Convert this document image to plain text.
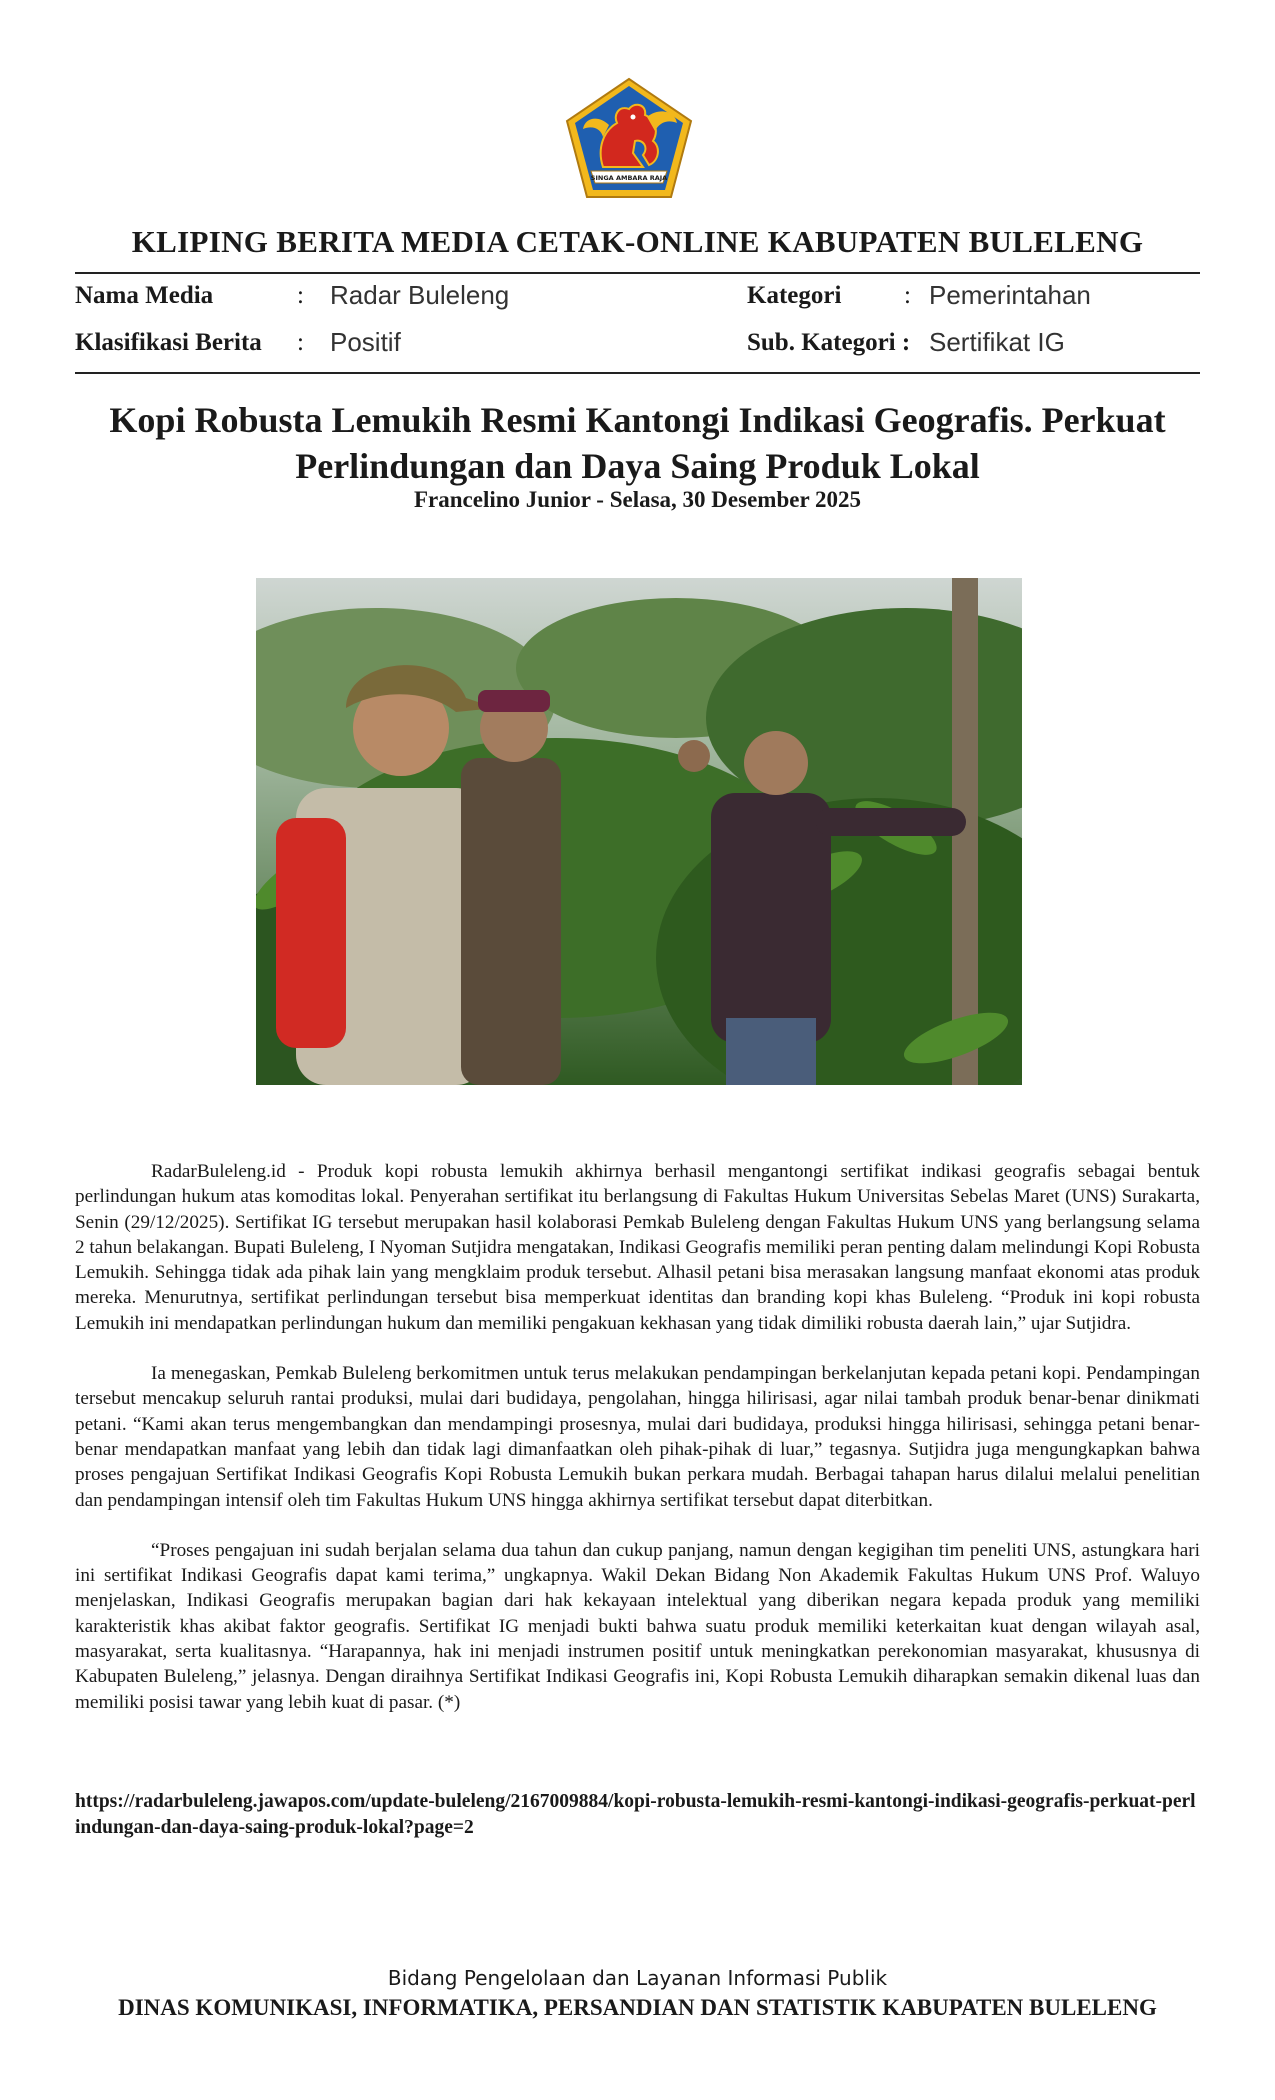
SINGA AMBARA RAJA
KLIPING BERITA MEDIA CETAK-ONLINE KABUPATEN BULELENG
Nama Media	: Radar Buleleng	Kategori	: Pemerintahan
Klasifikasi Berita : Positif	Sub. Kategori : Sertifikat IG
Kopi Robusta Lemukih Resmi Kantongi Indikasi Geografis. Perkuat Perlindungan dan Daya Saing Produk Lokal
Francelino Junior - Selasa, 30 Desember 2025

RadarBuleleng.id - Produk kopi robusta lemukih akhirnya berhasil mengantongi sertifikat indikasi geografis sebagai bentuk perlindungan hukum atas komoditas lokal. Penyerahan sertifikat itu berlangsung di Fakultas Hukum Universitas Sebelas Maret (UNS) Surakarta, Senin (29/12/2025). Sertifikat IG tersebut merupakan hasil kolaborasi Pemkab Buleleng dengan Fakultas Hukum UNS yang berlangsung selama 2 tahun belakangan. Bupati Buleleng, I Nyoman Sutjidra mengatakan, Indikasi Geografis memiliki peran penting dalam melindungi Kopi Robusta Lemukih. Sehingga tidak ada pihak lain yang mengklaim produk tersebut. Alhasil petani bisa merasakan langsung manfaat ekonomi atas produk mereka. Menurutnya, sertifikat perlindungan tersebut bisa memperkuat identitas dan branding kopi khas Buleleng. “Produk ini kopi robusta Lemukih ini mendapatkan perlindungan hukum dan memiliki pengakuan kekhasan yang tidak dimiliki robusta daerah lain,” ujar Sutjidra.

Ia menegaskan, Pemkab Buleleng berkomitmen untuk terus melakukan pendampingan berkelanjutan kepada petani kopi. Pendampingan tersebut mencakup seluruh rantai produksi, mulai dari budidaya, pengolahan, hingga hilirisasi, agar nilai tambah produk benar-benar dinikmati petani. “Kami akan terus mengembangkan dan mendampingi prosesnya, mulai dari budidaya, produksi hingga hilirisasi, sehingga petani benar-benar mendapatkan manfaat yang lebih dan tidak lagi dimanfaatkan oleh pihak-pihak di luar,” tegasnya. Sutjidra juga mengungkapkan bahwa proses pengajuan Sertifikat Indikasi Geografis Kopi Robusta Lemukih bukan perkara mudah. Berbagai tahapan harus dilalui melalui penelitian dan pendampingan intensif oleh tim Fakultas Hukum UNS hingga akhirnya sertifikat tersebut dapat diterbitkan.

“Proses pengajuan ini sudah berjalan selama dua tahun dan cukup panjang, namun dengan kegigihan tim peneliti UNS, astungkara hari ini sertifikat Indikasi Geografis dapat kami terima,” ungkapnya. Wakil Dekan Bidang Non Akademik Fakultas Hukum UNS Prof. Waluyo menjelaskan, Indikasi Geografis merupakan bagian dari hak kekayaan intelektual yang diberikan negara kepada produk yang memiliki karakteristik khas akibat faktor geografis. Sertifikat IG menjadi bukti bahwa suatu produk memiliki keterkaitan kuat dengan wilayah asal, masyarakat, serta kualitasnya. “Harapannya, hak ini menjadi instrumen positif untuk meningkatkan perekonomian masyarakat, khususnya di Kabupaten Buleleng,” jelasnya. Dengan diraihnya Sertifikat Indikasi Geografis ini, Kopi Robusta Lemukih diharapkan semakin dikenal luas dan memiliki posisi tawar yang lebih kuat di pasar. (*)

https://radarbuleleng.jawapos.com/update-buleleng/2167009884/kopi-robusta-lemukih-resmi-kantongi-indikasi-geografis-perkuat-perlindungan-dan-daya-saing-produk-lokal?page=2
Bidang Pengelolaan dan Layanan Informasi Publik
DINAS KOMUNIKASI, INFORMATIKA, PERSANDIAN DAN STATISTIK KABUPATEN BULELENG
